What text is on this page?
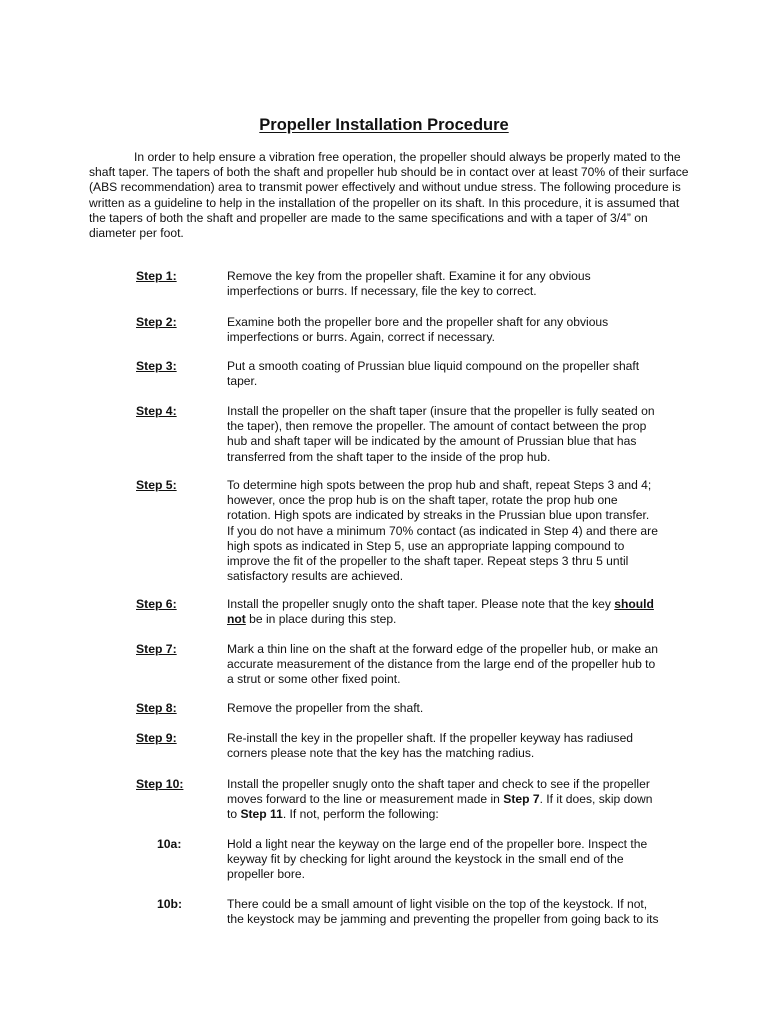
Propeller Installation Procedure

In order to help ensure a vibration free operation, the propeller should always be properly mated to the shaft taper. The tapers of both the shaft and propeller hub should be in contact over at least 70% of their surface (ABS recommendation) area to transmit power effectively and without undue stress. The following procedure is written as a guideline to help in the installation of the propeller on its shaft. In this procedure, it is assumed that the tapers of both the shaft and propeller are made to the same specifications and with a taper of 3/4” on diameter per foot.

Step 1:	Remove the key from the propeller shaft. Examine it for any obvious
imperfections or burrs. If necessary, file the key to correct.

Step 2:	Examine both the propeller bore and the propeller shaft for any obvious
imperfections or burrs. Again, correct if necessary.

Step 3:	Put a smooth coating of Prussian blue liquid compound on the propeller shaft
taper.

Step 4:	Install the propeller on the shaft taper (insure that the propeller is fully seated on
the taper), then remove the propeller. The amount of contact between the prop
hub and shaft taper will be indicated by the amount of Prussian blue that has
transferred from the shaft taper to the inside of the prop hub.

Step 5:	To determine high spots between the prop hub and shaft, repeat Steps 3 and 4;
however, once the prop hub is on the shaft taper, rotate the prop hub one
rotation. High spots are indicated by streaks in the Prussian blue upon transfer.
If you do not have a minimum 70% contact (as indicated in Step 4) and there are
high spots as indicated in Step 5, use an appropriate lapping compound to
improve the fit of the propeller to the shaft taper. Repeat steps 3 thru 5 until
satisfactory results are achieved.

Step 6:	Install the propeller snugly onto the shaft taper. Please note that the key should
not be in place during this step.

Step 7:	Mark a thin line on the shaft at the forward edge of the propeller hub, or make an
accurate measurement of the distance from the large end of the propeller hub to
a strut or some other fixed point.

Step 8:	Remove the propeller from the shaft.

Step 9:	Re-install the key in the propeller shaft. If the propeller keyway has radiused
corners please note that the key has the matching radius.

Step 10:	Install the propeller snugly onto the shaft taper and check to see if the propeller
moves forward to the line or measurement made in Step 7. If it does, skip down
to Step 11. If not, perform the following:

10a:	Hold a light near the keyway on the large end of the propeller bore. Inspect the
keyway fit by checking for light around the keystock in the small end of the
propeller bore.

10b:	There could be a small amount of light visible on the top of the keystock. If not,
the keystock may be jamming and preventing the propeller from going back to its
